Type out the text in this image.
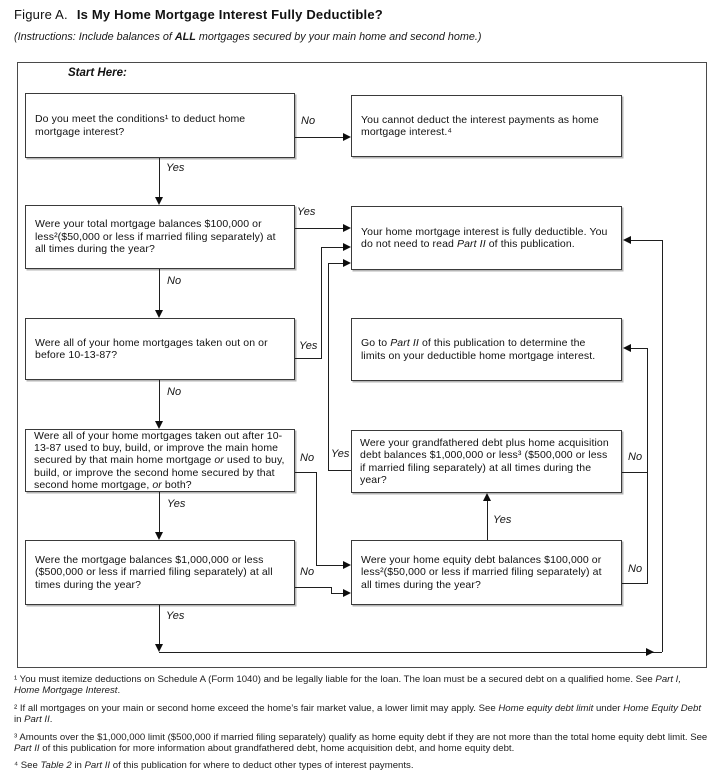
Figure A. Is My Home Mortgage Interest Fully Deductible?
(Instructions: Include balances of ALL mortgages secured by your main home and second home.)
Start Here:
Do you meet the conditions¹ to deduct home mortgage interest?
You cannot deduct the interest payments as home mortgage interest.⁴
Were your total mortgage balances $100,000 or less²($50,000 or less if married filing separately) at all times during the year?
Your home mortgage interest is fully deductible. You do not need to read Part II of this publication.
Were all of your home mortgages taken out on or before 10-13-87?
Go to Part II of this publication to determine the limits on your deductible home mortgage interest.
Were all of your home mortgages taken out after 10-13-87 used to buy, build, or improve the main home secured by that main home mortgage or used to buy, build, or improve the second home secured by that second home mortgage, or both?
Were your grandfathered debt plus home acquisition debt balances $1,000,000 or less³ ($500,000 or less if married filing separately) at all times during the year?
Were the mortgage balances $1,000,000 or less ($500,000 or less if married filing separately) at all times during the year?
Were your home equity debt balances $100,000 or less²($50,000 or less if married filing separately) at all times during the year?
No
Yes
Yes
No
Yes
No
No Yes	No
Yes
Yes
No	No
Yes
¹ You must itemize deductions on Schedule A (Form 1040) and be legally liable for the loan. The loan must be a secured debt on a qualified home. See Part I, Home Mortgage Interest.
² If all mortgages on your main or second home exceed the home’s fair market value, a lower limit may apply. See Home equity debt limit under Home Equity Debt in Part II.
³ Amounts over the $1,000,000 limit ($500,000 if married filing separately) qualify as home equity debt if they are not more than the total home equity debt limit. See Part II of this publication for more information about grandfathered debt, home acquisition debt, and home equity debt.
⁴ See Table 2 in Part II of this publication for where to deduct other types of interest payments.
